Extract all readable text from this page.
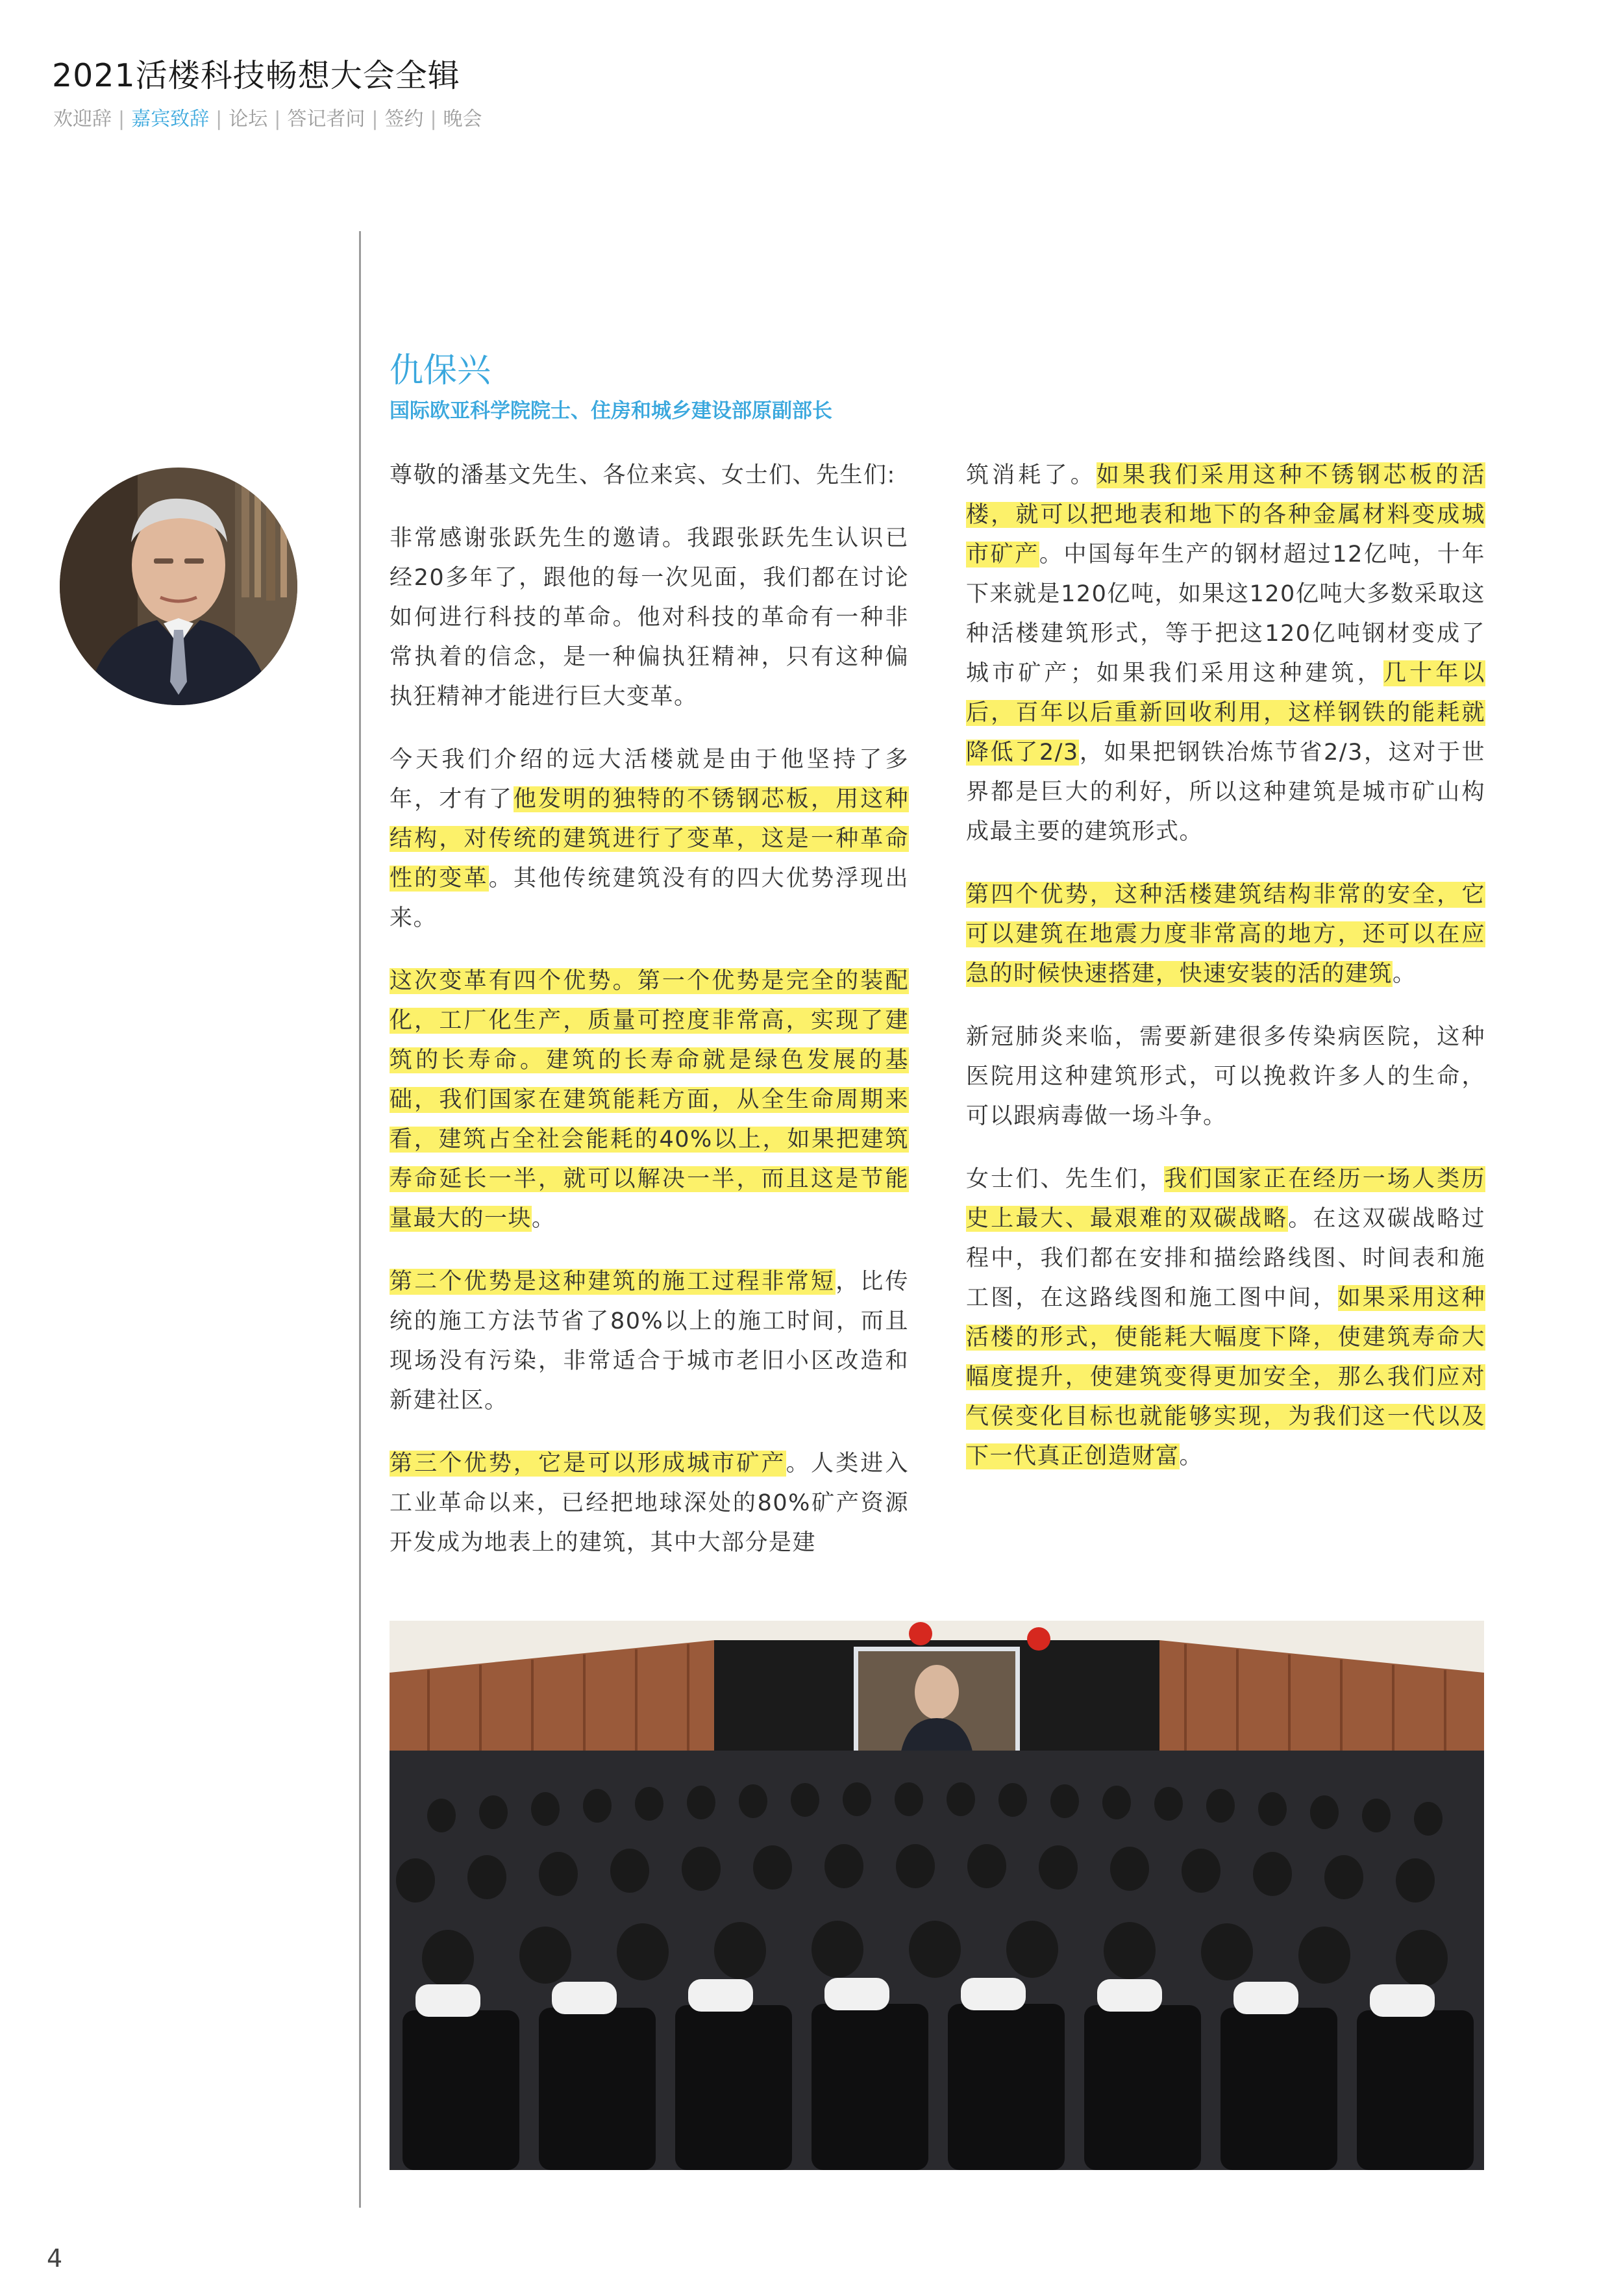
2021活楼科技畅想大会全辑
欢迎辞 | 嘉宾致辞 | 论坛 | 答记者问 | 签约 | 晚会
仇保兴
国际欧亚科学院院士、住房和城乡建设部原副部长

尊敬的潘基文先生、各位来宾、女士们、先生们:

非常感谢张跃先生的邀请。我跟张跃先生认识已经20多年了，跟他的每一次见面，我们都在讨论如何进行科技的革命。他对科技的革命有一种非常执着的信念，是一种偏执狂精神，只有这种偏执狂精神才能进行巨大变革。

今天我们介绍的远大活楼就是由于他坚持了多年，才有了他发明的独特的不锈钢芯板，用这种结构，对传统的建筑进行了变革，这是一种革命性的变革。其他传统建筑没有的四大优势浮现出来。

这次变革有四个优势。第一个优势是完全的装配化，工厂化生产，质量可控度非常高，实现了建筑的长寿命。建筑的长寿命就是绿色发展的基础，我们国家在建筑能耗方面，从全生命周期来看，建筑占全社会能耗的40%以上，如果把建筑寿命延长一半，就可以解决一半，而且这是节能量最大的一块。

第二个优势是这种建筑的施工过程非常短，比传统的施工方法节省了80%以上的施工时间，而且现场没有污染，非常适合于城市老旧小区改造和新建社区。

第三个优势，它是可以形成城市矿产。人类进入工业革命以来，已经把地球深处的80%矿产资源开发成为地表上的建筑，其中大部分是建

筑消耗了。如果我们采用这种不锈钢芯板的活楼，就可以把地表和地下的各种金属材料变成城市矿产。中国每年生产的钢材超过12亿吨，十年下来就是120亿吨，如果这120亿吨大多数采取这种活楼建筑形式，等于把这120亿吨钢材变成了城市矿产；如果我们采用这种建筑，几十年以后，百年以后重新回收利用，这样钢铁的能耗就降低了2/3，如果把钢铁冶炼节省2/3，这对于世界都是巨大的利好，所以这种建筑是城市矿山构成最主要的建筑形式。

第四个优势，这种活楼建筑结构非常的安全，它可以建筑在地震力度非常高的地方，还可以在应急的时候快速搭建，快速安装的活的建筑。

新冠肺炎来临，需要新建很多传染病医院，这种医院用这种建筑形式，可以挽救许多人的生命，可以跟病毒做一场斗争。

女士们、先生们，我们国家正在经历一场人类历史上最大、最艰难的双碳战略。在这双碳战略过程中，我们都在安排和描绘路线图、时间表和施工图，在这路线图和施工图中间，如果采用这种活楼的形式，使能耗大幅度下降，使建筑寿命大幅度提升，使建筑变得更加安全，那么我们应对气侯变化目标也就能够实现，为我们这一代以及下一代真正创造财富。

4
